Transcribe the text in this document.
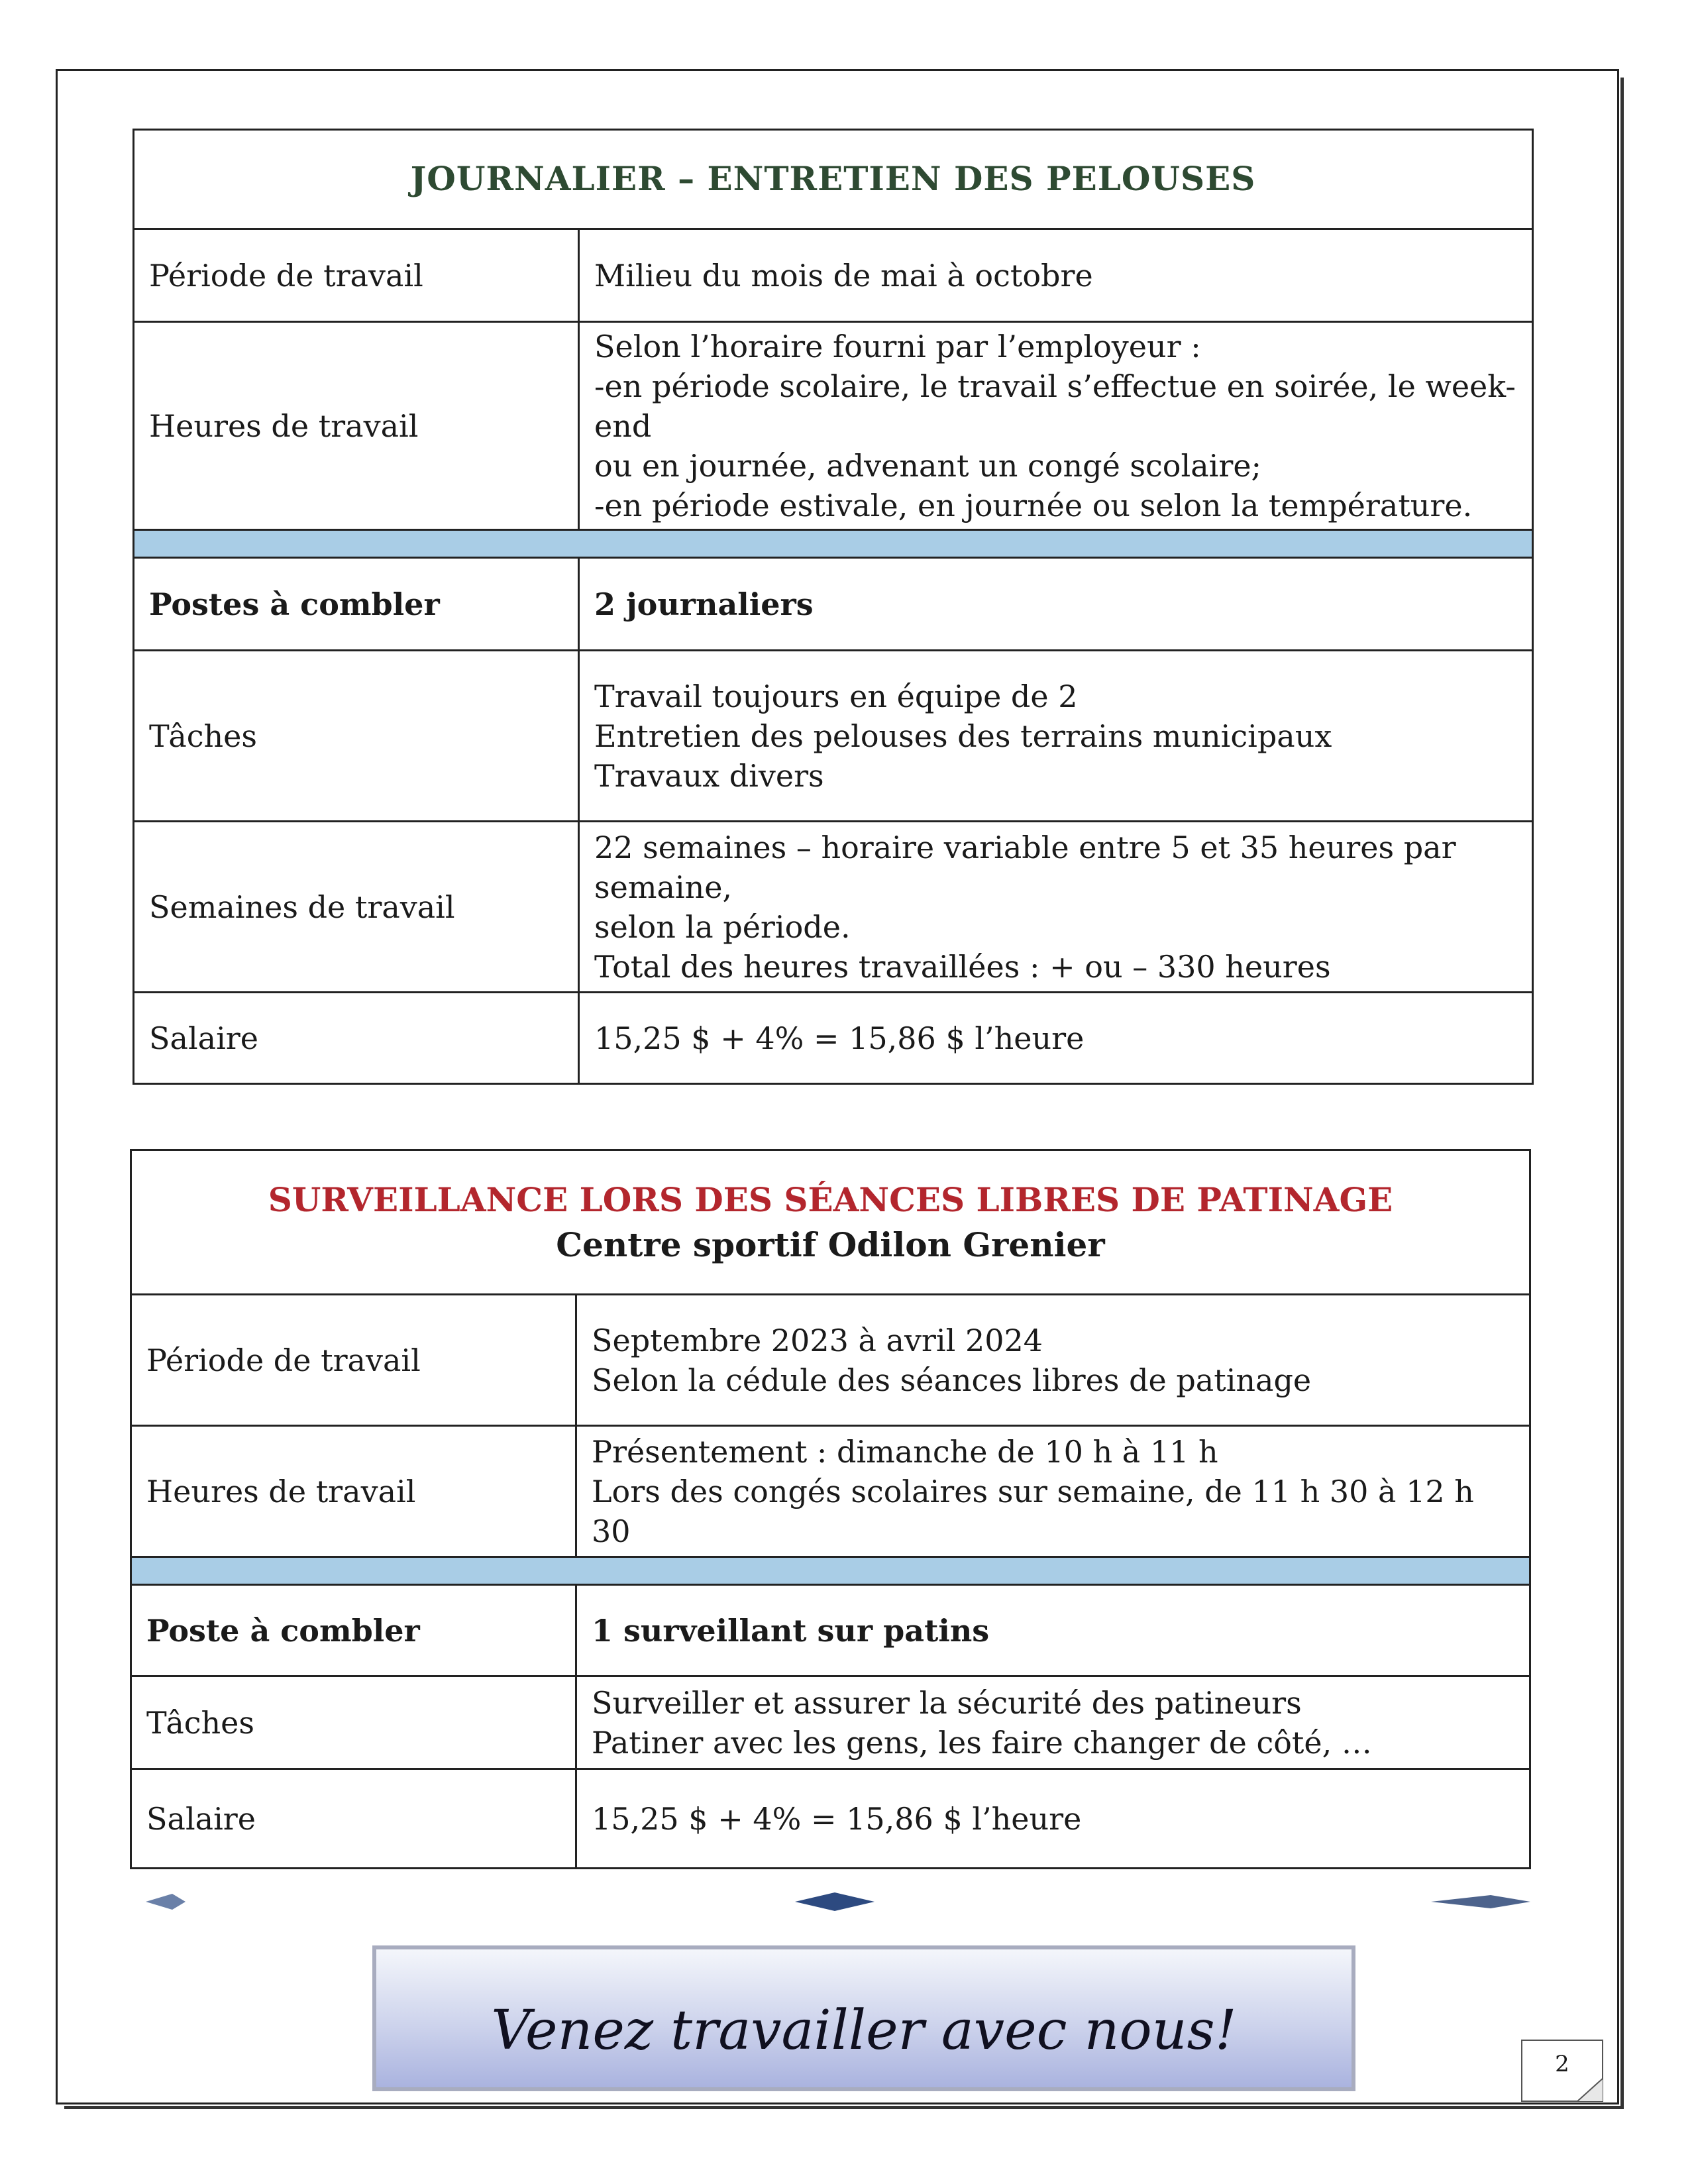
JOURNALIER – ENTRETIEN DES PELOUSES	
Période de travail	Milieu du mois de mai à octobre
Heures de travail	Selon l’horaire fourni par l’employeur :
-en période scolaire, le travail s’effectue en soirée, le week-end
ou en journée, advenant un congé scolaire;
-en période estivale, en journée ou selon la température.

Postes à combler	2 journaliers
Tâches	Travail toujours en équipe de 2
Entretien des pelouses des terrains municipaux
Travaux divers

Semaines de travail	22 semaines – horaire variable entre 5 et 35 heures par semaine,
selon la période.
Total des heures travaillées : + ou – 330 heures

Salaire	15,25 $ + 4% = 15,86 $ l’heure
SURVEILLANCE LORS DES SÉANCES LIBRES DE PATINAGE
Centre sportif Odilon Grenier	
Période de travail	Septembre 2023 à avril 2024
Selon la cédule des séances libres de patinage

Heures de travail	Présentement : dimanche de 10 h à 11 h
Lors des congés scolaires sur semaine, de 11 h 30 à 12 h 30

Poste à combler	1 surveillant sur patins
Tâches	Surveiller et assurer la sécurité des patineurs
Patiner avec les gens, les faire changer de côté, …

Salaire	15,25 $ + 4% = 15,86 $ l’heure
Venez travailler avec nous!
2
